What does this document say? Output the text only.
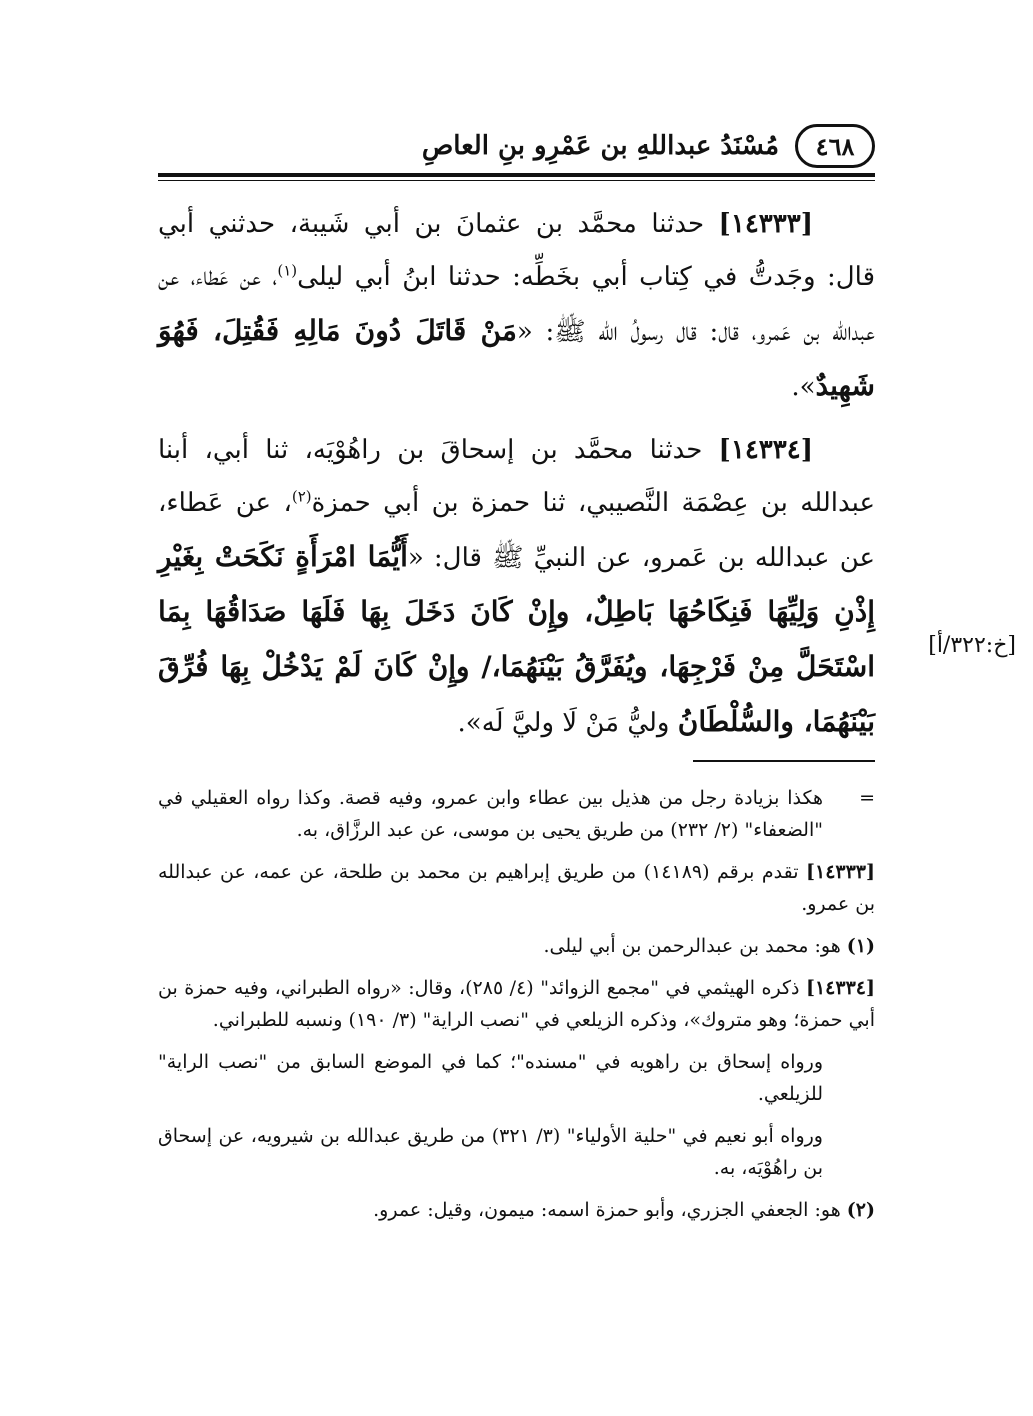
٤٦٨
مُسْنَدُ عبداللهِ بن عَمْرِو بنِ العاصِ

[١٤٣٣٣] حدثنا محمَّد بن عثمانَ بن أبي شَيبة، حدثني أبي قال: وجَدتُّ في كِتاب أبي بخَطِّه: حدثنا ابنُ أبي ليلى$^{(١)}$، عن عَطاء، عن عبدالله بن عَمرو، قال: قال رسولُ الله ﷺ: «مَنْ قَاتَلَ دُونَ مَالِهِ فَقُتِلَ، فَهُوَ شَهِيدٌ».

[١٤٣٣٤] حدثنا محمَّد بن إسحاقَ بن راهُوْيَه، ثنا أبي، أبنا عبدالله بن عِصْمَة النَّصيبي، ثنا حمزة بن أبي حمزة$^{(٢)}$، عن عَطاء، عن عبدالله بن عَمرو، عن النبيِّ ﷺ قال: «أَيُّمَا امْرَأَةٍ نَكَحَتْ بِغَيْرِ إِذْنِ وَلِيِّهَا فَنِكَاحُهَا بَاطِلٌ، وإِنْ كَانَ دَخَلَ بِهَا فَلَهَا صَدَاقُهَا بِمَا اسْتَحَلَّ مِنْ فَرْجِهَا، ويُفَرَّقُ بَيْنَهُمَا،/ وإِنْ كَانَ لَمْ يَدْخُلْ بِهَا فُرِّقَ بَيْنَهُمَا، والسُّلْطَانُ وليُّ مَنْ لَا وليَّ لَه».

[خ:٣٢٢/أ]

=هكذا بزيادة رجل من هذيل بين عطاء وابن عمرو، وفيه قصة. وكذا رواه العقيلي في "الضعفاء" (٢/ ٢٣٢) من طريق يحيى بن موسى، عن عبد الرزَّاق، به.

[١٤٣٣٣] تقدم برقم (١٤١٨٩) من طريق إبراهيم بن محمد بن طلحة، عن عمه، عن عبدالله بن عمرو.

(١) هو: محمد بن عبدالرحمن بن أبي ليلى.

[١٤٣٣٤] ذكره الهيثمي في "مجمع الزوائد" (٤/ ٢٨٥)، وقال: «رواه الطبراني، وفيه حمزة بن أبي حمزة؛ وهو متروك»، وذكره الزيلعي في "نصب الراية" (٣/ ١٩٠) ونسبه للطبراني.

ورواه إسحاق بن راهويه في "مسنده"؛ كما في الموضع السابق من "نصب الراية" للزيلعي.

ورواه أبو نعيم في "حلية الأولياء" (٣/ ٣٢١) من طريق عبدالله بن شيرويه، عن إسحاق بن راهُوْيَه، به.

(٢) هو: الجعفي الجزري، وأبو حمزة اسمه: ميمون، وقيل: عمرو.
